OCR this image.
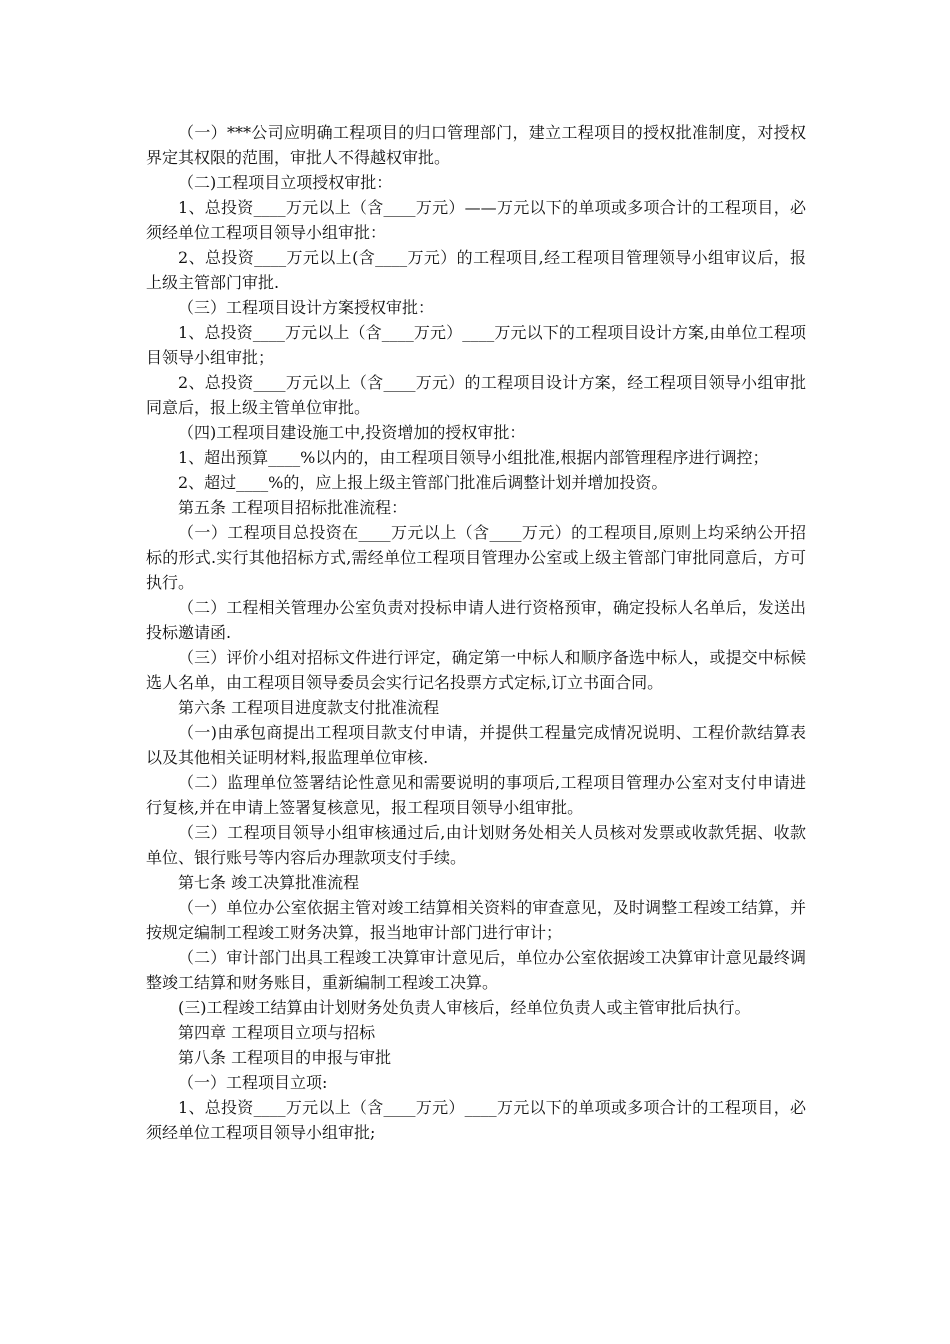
（一）***公司应明确工程项目的归口管理部门，建立工程项目的授权批准制度，对授权界定其权限的范围，审批人不得越权审批。

（二)工程项目立项授权审批：

1、总投资____万元以上（含____万元）——万元以下的单项或多项合计的工程项目，必须经单位工程项目领导小组审批：

2、总投资____万元以上(含____万元）的工程项目,经工程项目管理领导小组审议后，报上级主管部门审批.

（三）工程项目设计方案授权审批：

1、总投资____万元以上（含____万元）____万元以下的工程项目设计方案,由单位工程项目领导小组审批；

2、总投资____万元以上（含____万元）的工程项目设计方案，经工程项目领导小组审批同意后，报上级主管单位审批。

（四)工程项目建设施工中,投资增加的授权审批：

1、超出预算____%以内的，由工程项目领导小组批准,根据内部管理程序进行调控；

2、超过____%的，应上报上级主管部门批准后调整计划并增加投资。

第五条 工程项目招标批准流程：

（一）工程项目总投资在____万元以上（含____万元）的工程项目,原则上均采纳公开招标的形式.实行其他招标方式,需经单位工程项目管理办公室或上级主管部门审批同意后，方可执行。

（二）工程相关管理办公室负责对投标申请人进行资格预审，确定投标人名单后，发送出投标邀请函.

（三）评价小组对招标文件进行评定，确定第一中标人和顺序备选中标人，或提交中标候选人名单，由工程项目领导委员会实行记名投票方式定标,订立书面合同。

第六条 工程项目进度款支付批准流程

（一)由承包商提出工程项目款支付申请，并提供工程量完成情况说明、工程价款结算表以及其他相关证明材料,报监理单位审核.

（二）监理单位签署结论性意见和需要说明的事项后,工程项目管理办公室对支付申请进行复核,并在申请上签署复核意见，报工程项目领导小组审批。

（三）工程项目领导小组审核通过后,由计划财务处相关人员核对发票或收款凭据、收款单位、银行账号等内容后办理款项支付手续。

第七条 竣工决算批准流程

（一）单位办公室依据主管对竣工结算相关资料的审查意见，及时调整工程竣工结算，并按规定编制工程竣工财务决算，报当地审计部门进行审计；

（二）审计部门出具工程竣工决算审计意见后，单位办公室依据竣工决算审计意见最终调整竣工结算和财务账目，重新编制工程竣工决算。

(三)工程竣工结算由计划财务处负责人审核后，经单位负责人或主管审批后执行。

第四章 工程项目立项与招标

第八条 工程项目的申报与审批

（一）工程项目立项:

1、总投资____万元以上（含____万元）____万元以下的单项或多项合计的工程项目，必须经单位工程项目领导小组审批;
